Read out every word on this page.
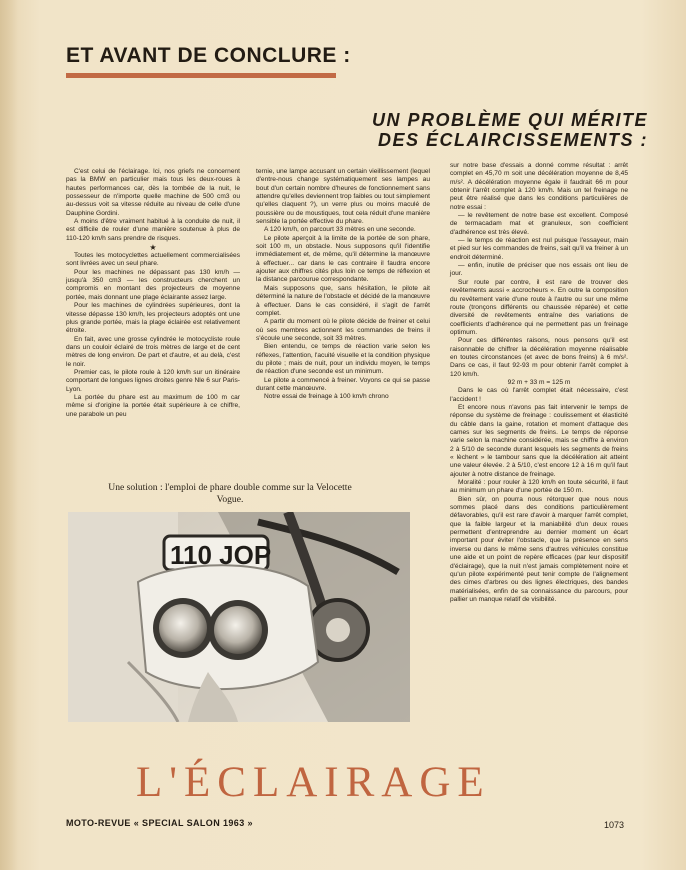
ET AVANT DE CONCLURE :
UN PROBLÈME QUI MÉRITE
DES ÉCLAIRCISSEMENTS :

C'est celui de l'éclairage. Ici, nos griefs ne concernent pas la BMW en particulier mais tous les deux-roues à hautes performances car, dès la tombée de la nuit, le possesseur de n'importe quelle machine de 500 cm3 ou au-dessus voit sa vitesse réduite au niveau de celle d'une Dauphine Gordini.

A moins d'être vraiment habitué à la conduite de nuit, il est difficile de rouler d'une manière soutenue à plus de 110-120 km/h sans prendre de risques.

★

Toutes les motocyclettes actuellement commercialisées sont livrées avec un seul phare.

Pour les machines ne dépassant pas 130 km/h — jusqu'à 350 cm3 — les constructeurs cherchent un compromis en montant des projecteurs de moyenne portée, mais donnant une plage éclairante assez large.

Pour les machines de cylindrées supérieures, dont la vitesse dépasse 130 km/h, les projecteurs adoptés ont une plus grande portée, mais la plage éclairée est relativement étroite.

En fait, avec une grosse cylindrée le motocycliste roule dans un couloir éclairé de trois mètres de large et de cent mètres de long environ. De part et d'autre, et au delà, c'est le noir.

Premier cas, le pilote roule à 120 km/h sur un itinéraire comportant de longues lignes droites genre Nle 6 sur Paris-Lyon.

La portée du phare est au maximum de 100 m car même si d'origine la portée était supérieure à ce chiffre, une parabole un peu

ternie, une lampe accusant un certain vieillissement (lequel d'entre-nous change systématiquement ses lampes au bout d'un certain nombre d'heures de fonctionnement sans attendre qu'elles deviennent trop faibles ou tout simplement qu'elles claquent ?), un verre plus ou moins maculé de poussière ou de moustiques, tout cela réduit d'une manière sensible la portée effective du phare.

A 120 km/h, on parcourt 33 mètres en une seconde.

Le pilote aperçoit à la limite de la portée de son phare, soit 100 m, un obstacle. Nous supposons qu'il l'identifie immédiatement et, de même, qu'il détermine la manœuvre à effectuer... car dans le cas contraire il faudra encore ajouter aux chiffres cités plus loin ce temps de réflexion et la distance parcourue correspondante.

Mais supposons que, sans hésitation, le pilote ait déterminé la nature de l'obstacle et décidé de la manœuvre à effectuer. Dans le cas considéré, il s'agit de l'arrêt complet.

A partir du moment où le pilote décide de freiner et celui où ses membres actionnent les commandes de freins il s'écoule une seconde, soit 33 mètres.

Bien entendu, ce temps de réaction varie selon les réflexes, l'attention, l'acuité visuelle et la condition physique du pilote ; mais de nuit, pour un individu moyen, le temps de réaction d'une seconde est un minimum.

Le pilote a commencé à freiner. Voyons ce qui se passe durant cette manœuvre.

Notre essai de freinage à 100 km/h chrono

sur notre base d'essais a donné comme résultat : arrêt complet en 45,70 m soit une décélération moyenne de 8,45 m/s². A décélération moyenne égale il faudrait 66 m pour obtenir l'arrêt complet à 120 km/h. Mais un tel freinage ne peut être réalisé que dans les conditions particulières de notre essai :

— le revêtement de notre base est excellent. Composé de termacadam mat et granuleux, son coefficient d'adhérence est très élevé.

— le temps de réaction est nul puisque l'essayeur, main et pied sur les commandes de freins, sait qu'il va freiner à un endroit déterminé.

— enfin, inutile de préciser que nos essais ont lieu de jour.

Sur route par contre, il est rare de trouver des revêtements aussi « accrocheurs ». En outre la composition du revêtement varie d'une route à l'autre ou sur une même route (tronçons différents ou chaussée réparée) et cette diversité de revêtements entraîne des variations de coefficients d'adhérence qui ne permettent pas un freinage optimum.

Pour ces différentes raisons, nous pensons qu'il est raisonnable de chiffrer la décélération moyenne réalisable en toutes circonstances (et avec de bons freins) à 6 m/s². Dans ce cas, il faut 92-93 m pour obtenir l'arrêt complet à 120 km/h.

92 m + 33 m = 125 m

Dans le cas où l'arrêt complet était nécessaire, c'est l'accident !

Et encore nous n'avons pas fait intervenir le temps de réponse du système de freinage : coulissement et élasticité du câble dans la gaine, rotation et moment d'attaque des cames sur les segments de freins. Le temps de réponse varie selon la machine considérée, mais se chiffre à environ 2 à 5/10 de seconde durant lesquels les segments de freins « lèchent » le tambour sans que la décélération ait atteint une valeur élevée. 2 à 5/10, c'est encore 12 à 16 m qu'il faut ajouter à notre distance de freinage.

Moralité : pour rouler à 120 km/h en toute sécurité, il faut au minimum un phare d'une portée de 150 m.

Bien sûr, on pourra nous rétorquer que nous nous sommes placé dans des conditions particulièrement défavorables, qu'il est rare d'avoir à marquer l'arrêt complet, que la faible largeur et la maniabilité d'un deux roues permettent d'entreprendre au dernier moment un écart important pour éviter l'obstacle, que la présence en sens inverse ou dans le même sens d'autres véhicules constitue une aide et un point de repère efficaces (par leur dispositif d'éclairage), que la nuit n'est jamais complètement noire et qu'un pilote expérimenté peut tenir compte de l'alignement des cimes d'arbres ou des lignes électriques, des bandes matérialisées, enfin de sa connaissance du parcours, pour pallier un manque relatif de visibilité.

Une solution : l'emploi de phare double comme sur la Velocette Vogue.
110 JOP
L'ÉCLAIRAGE
MOTO-REVUE « SPECIAL SALON 1963 »	1073
